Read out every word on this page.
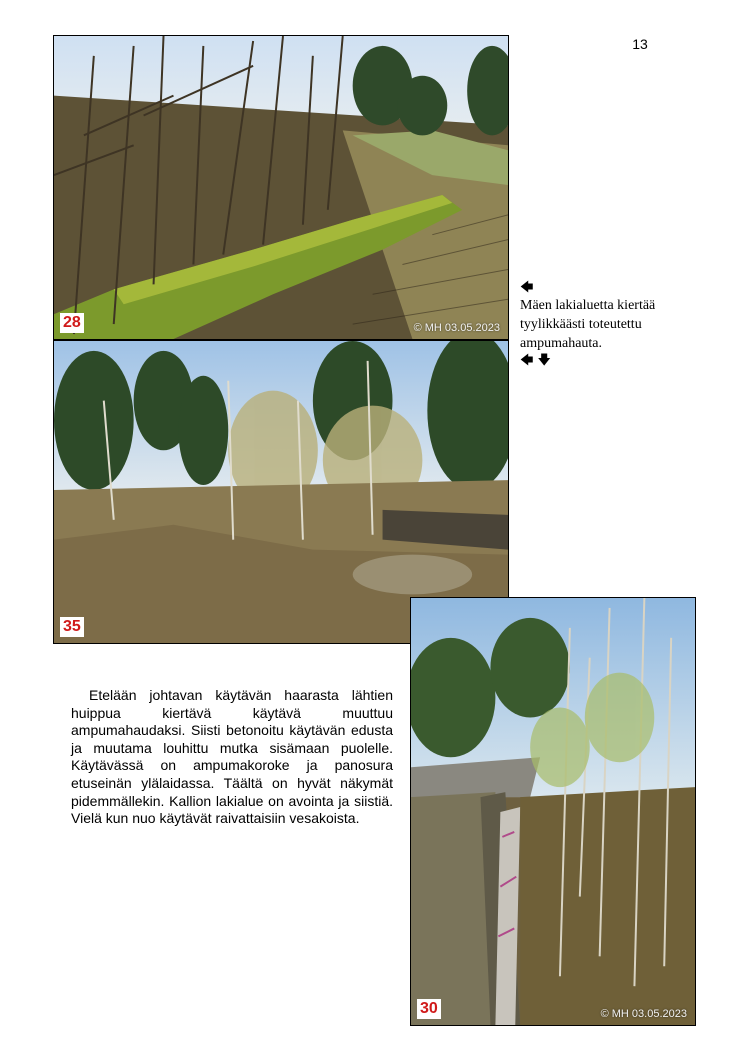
13
28	© MH 03.05.2023
35
30	© MH 03.05.2023
🡄
Mäen lakialuetta kiertää
tyylikkäästi toteutettu
ampumahauta.
🡄 🡇
Etelään johtavan käytävän haarasta lähtien huippua kiertävä käytävä muuttuu ampumahaudaksi. Siisti betonoitu käytävän edusta ja muutama louhittu mutka sisämaan puolelle. Käytävässä on ampumakoroke ja panosura etuseinän ylälaidassa. Täältä on hyvät näkymät pidemmällekin. Kallion lakialue on avointa ja siistiä. Vielä kun nuo käytävät raivattaisiin vesakoista.
